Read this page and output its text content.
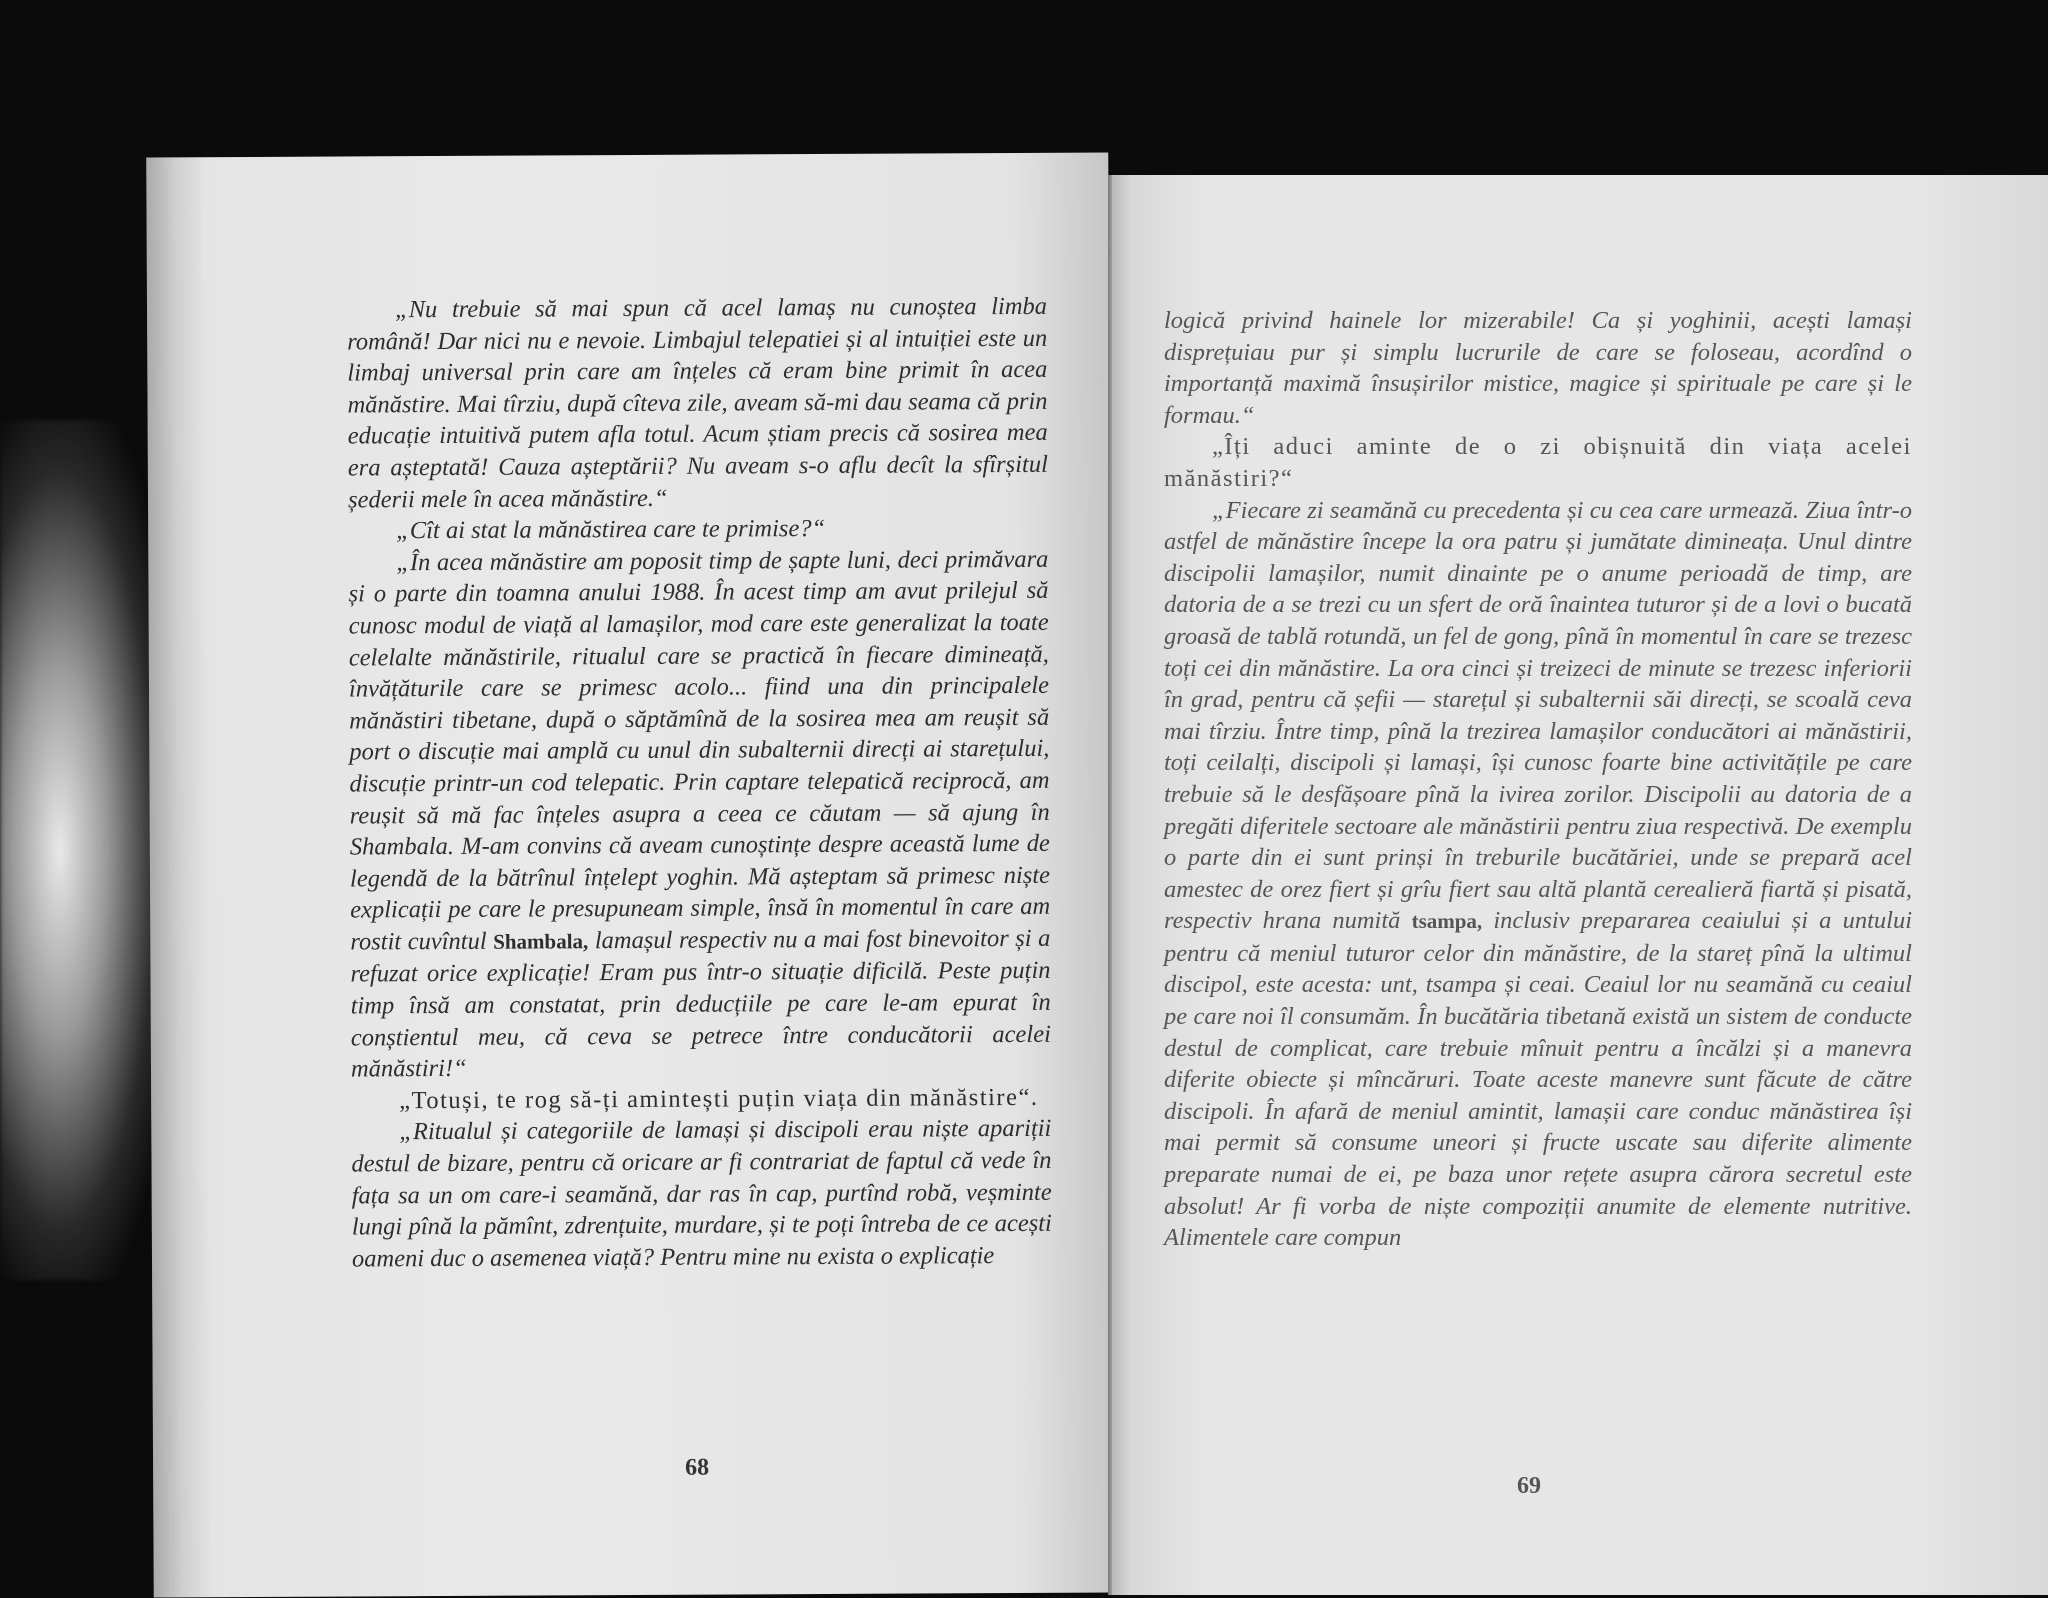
„Nu trebuie să mai spun că acel lamaș nu cunoștea limba română! Dar nici nu e nevoie. Limbajul telepatiei și al intuiției este un limbaj universal prin care am înțeles că eram bine primit în acea mănăstire. Mai tîrziu, după cîteva zile, aveam să-mi dau seama că prin educație intuitivă putem afla totul. Acum știam precis că sosirea mea era așteptată! Cauza așteptării? Nu aveam s-o aflu decît la sfîrșitul șederii mele în acea mănăstire.“

„Cît ai stat la mănăstirea care te primise?“

„În acea mănăstire am poposit timp de șapte luni, deci primăvara și o parte din toamna anului 1988. În acest timp am avut prilejul să cunosc modul de viață al lamașilor, mod care este generalizat la toate celelalte mănăstirile, ritualul care se practică în fiecare dimineață, învățăturile care se primesc acolo... fiind una din principalele mănăstiri tibetane, după o săptămînă de la sosirea mea am reușit să port o discuție mai amplă cu unul din subalternii direcți ai starețului, discuție printr-un cod telepatic. Prin captare telepatică reciprocă, am reușit să mă fac înțeles asupra a ceea ce căutam — să ajung în Shambala. M-am convins că aveam cunoștințe despre această lume de legendă de la bătrînul înțelept yoghin. Mă așteptam să primesc niște explicații pe care le presupuneam simple, însă în momentul în care am rostit cuvîntul Shambala, lamașul respectiv nu a mai fost binevoitor și a refuzat orice explicație! Eram pus într-o situație dificilă. Peste puțin timp însă am constatat, prin deducțiile pe care le-am epurat în conștientul meu, că ceva se petrece între conducătorii acelei mănăstiri!“

„Totuși, te rog să-ți amintești puțin viața din mănăstire“.

„Ritualul și categoriile de lamași și discipoli erau niște apariții destul de bizare, pentru că oricare ar fi contrariat de faptul că vede în fața sa un om care-i seamănă, dar ras în cap, purtînd robă, veșminte lungi pînă la pămînt, zdrențuite, murdare, și te poți întreba de ce acești oameni duc o asemenea viață? Pentru mine nu exista o explicație

68

logică privind hainele lor mizerabile! Ca și yoghinii, acești lamași disprețuiau pur și simplu lucrurile de care se foloseau, acordînd o importanță maximă însușirilor mistice, magice și spirituale pe care și le formau.“

„Îți aduci aminte de o zi obișnuită din viața acelei mănăstiri?“

„Fiecare zi seamănă cu precedenta și cu cea care urmează. Ziua într-o astfel de mănăstire începe la ora patru și jumătate dimineața. Unul dintre discipolii lamașilor, numit dinainte pe o anume perioadă de timp, are datoria de a se trezi cu un sfert de oră înaintea tuturor și de a lovi o bucată groasă de tablă rotundă, un fel de gong, pînă în momentul în care se trezesc toți cei din mănăstire. La ora cinci și treizeci de minute se trezesc inferiorii în grad, pentru că șefii — starețul și subalternii săi direcți, se scoală ceva mai tîrziu. Între timp, pînă la trezirea lamașilor conducători ai mănăstirii, toți ceilalți, discipoli și lamași, își cunosc foarte bine activitățile pe care trebuie să le desfășoare pînă la ivirea zorilor. Discipolii au datoria de a pregăti diferitele sectoare ale mănăstirii pentru ziua respectivă. De exemplu o parte din ei sunt prinși în treburile bucătăriei, unde se prepară acel amestec de orez fiert și grîu fiert sau altă plantă cerealieră fiartă și pisată, respectiv hrana numită tsampa, inclusiv prepararea ceaiului și a untului pentru că meniul tuturor celor din mănăstire, de la stareț pînă la ultimul discipol, este acesta: unt, tsampa și ceai. Ceaiul lor nu seamănă cu ceaiul pe care noi îl consumăm. În bucătăria tibetană există un sistem de conducte destul de complicat, care trebuie mînuit pentru a încălzi și a manevra diferite obiecte și mîncăruri. Toate aceste manevre sunt făcute de către discipoli. În afară de meniul amintit, lamașii care conduc mănăstirea își mai permit să consume uneori și fructe uscate sau diferite alimente preparate numai de ei, pe baza unor rețete asupra cărora secretul este absolut! Ar fi vorba de niște compoziții anumite de elemente nutritive. Alimentele care compun

69
